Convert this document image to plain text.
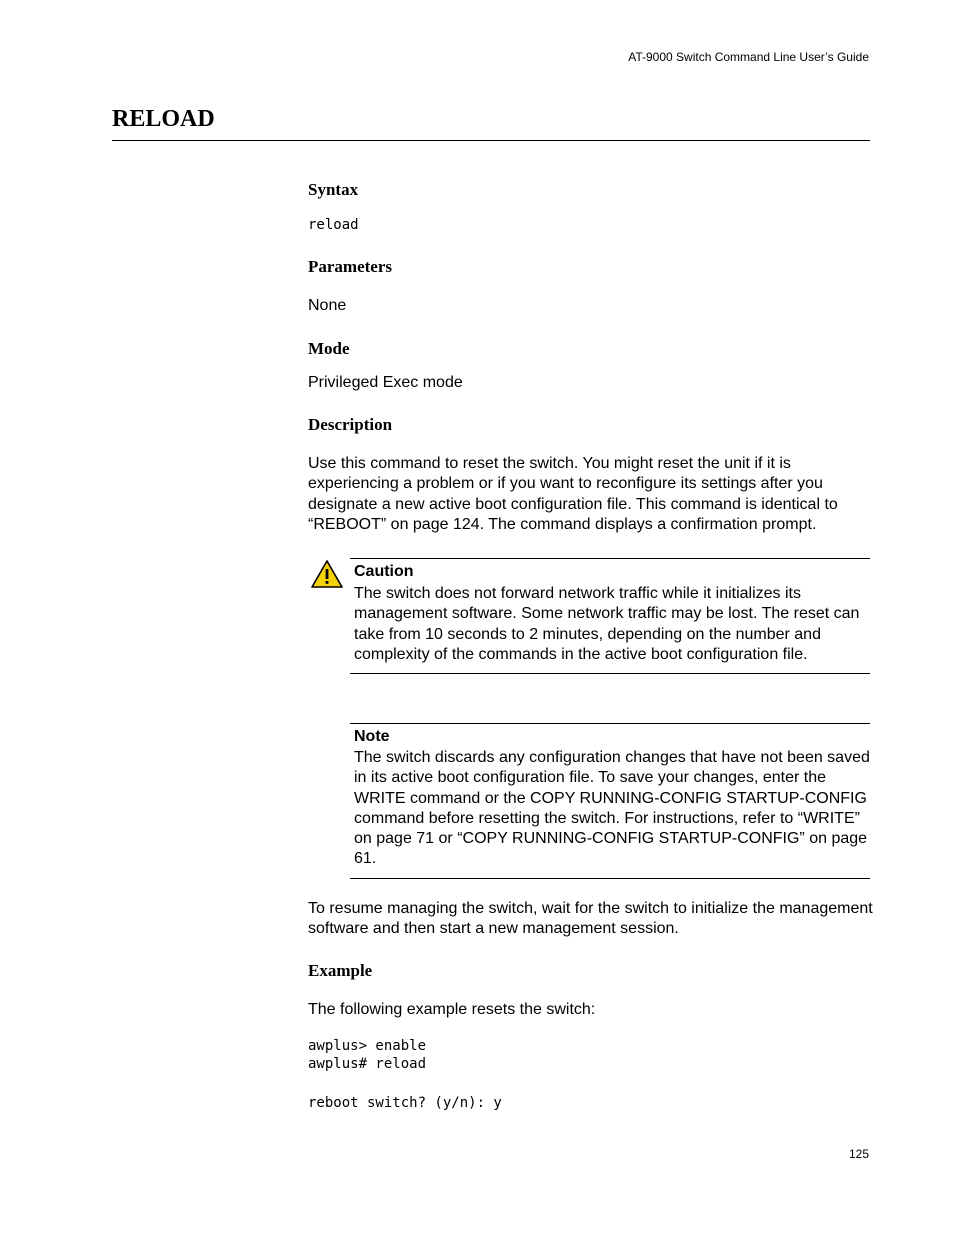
AT-9000 Switch Command Line User’s Guide
RELOAD
Syntax
reload
Parameters
None
Mode
Privileged Exec mode
Description
Use this command to reset the switch. You might reset the unit if it is experiencing a problem or if you want to reconfigure its settings after you designate a new active boot configuration file. This command is identical to “REBOOT” on page 124. The command displays a confirmation prompt.
Caution
The switch does not forward network traffic while it initializes its management software. Some network traffic may be lost. The reset can take from 10 seconds to 2 minutes, depending on the number and complexity of the commands in the active boot configuration file.
Note
The switch discards any configuration changes that have not been saved in its active boot configuration file. To save your changes, enter the WRITE command or the COPY RUNNING-CONFIG STARTUP-CONFIG command before resetting the switch. For instructions, refer to “WRITE” on page 71 or “COPY RUNNING-CONFIG STARTUP-CONFIG” on page 61.
To resume managing the switch, wait for the switch to initialize the management software and then start a new management session.
Example
The following example resets the switch:
awplus> enable
awplus# reload
reboot switch? (y/n): y
125
